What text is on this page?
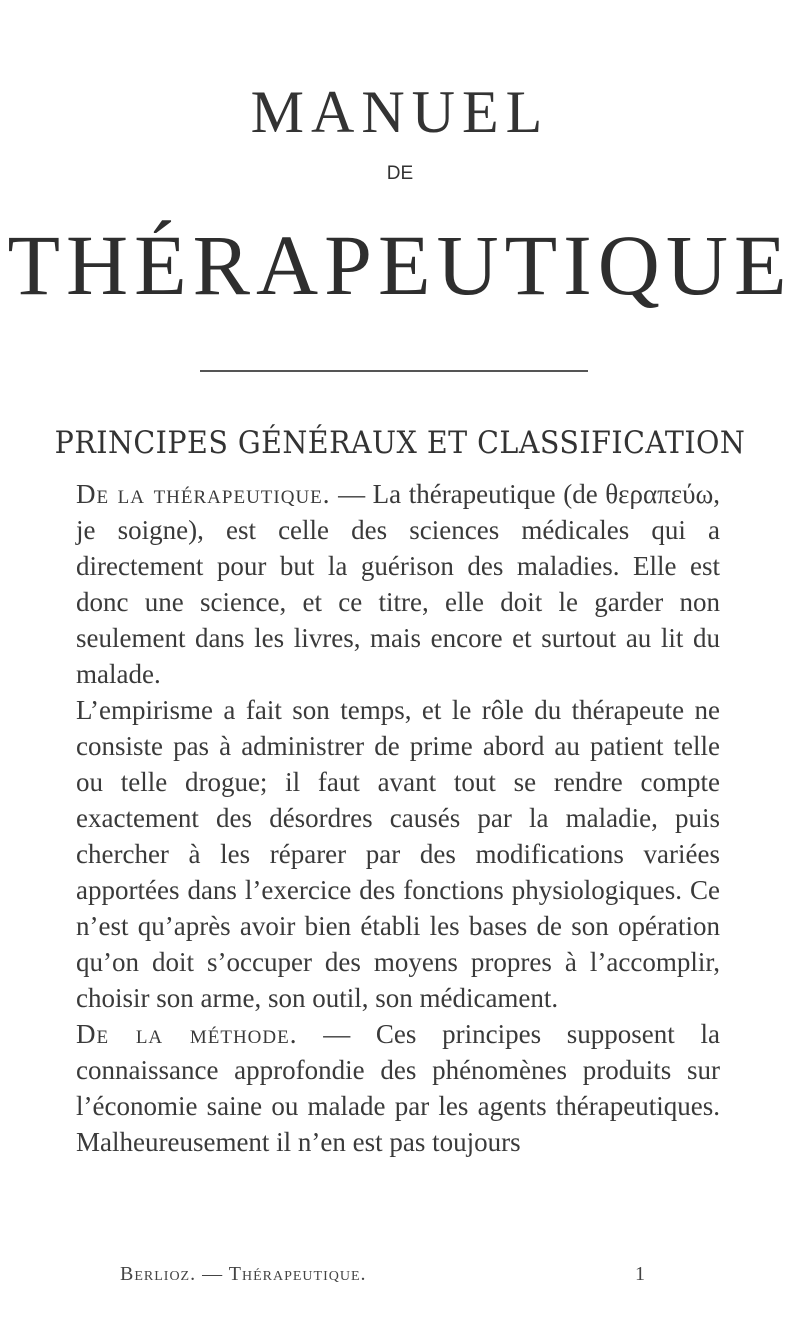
MANUEL
DE
THÉRAPEUTIQUE
PRINCIPES GÉNÉRAUX ET CLASSIFICATION

De la thérapeutique. — La thérapeutique (de θεραπεύω, je soigne), est celle des sciences médicales qui a directement pour but la guérison des maladies. Elle est donc une science, et ce titre, elle doit le garder non seulement dans les livres, mais encore et surtout au lit du malade.

L’empirisme a fait son temps, et le rôle du thérapeute ne consiste pas à administrer de prime abord au patient telle ou telle drogue; il faut avant tout se rendre compte exactement des désordres causés par la maladie, puis chercher à les réparer par des modifications variées apportées dans l’exercice des fonctions physiologiques. Ce n’est qu’après avoir bien établi les bases de son opération qu’on doit s’occuper des moyens propres à l’accomplir, choisir son arme, son outil, son médicament.

De la méthode. — Ces principes supposent la connaissance approfondie des phénomènes produits sur l’économie saine ou malade par les agents thérapeutiques. Malheureusement il n’en est pas toujours

Berlioz. — Thérapeutique.	1
